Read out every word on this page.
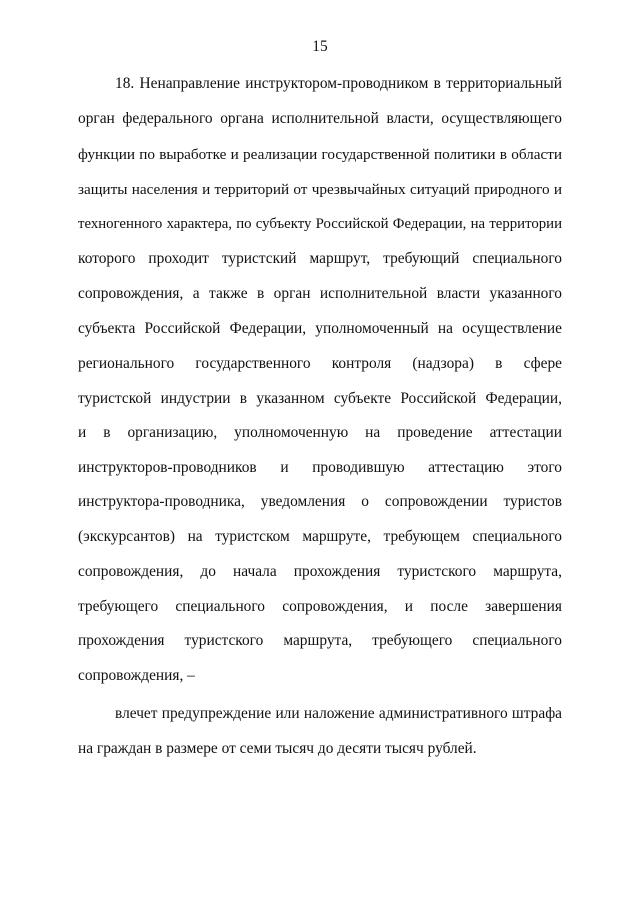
15
18. Ненаправление инструктором-проводником в территориальный
орган федерального органа исполнительной власти, осуществляющего
функции по выработке и реализации государственной политики в области
защиты населения и территорий от чрезвычайных ситуаций природного и
техногенного характера, по субъекту Российской Федерации, на территории
которого проходит туристский маршрут, требующий специального
сопровождения, а также в орган исполнительной власти указанного
субъекта Российской Федерации, уполномоченный на осуществление
регионального государственного контроля (надзора) в сфере
туристской индустрии в указанном субъекте Российской Федерации,
и в организацию, уполномоченную на проведение аттестации
инструкторов-проводников и проводившую аттестацию этого
инструктора-проводника, уведомления о сопровождении туристов
(экскурсантов) на туристском маршруте, требующем специального
сопровождения, до начала прохождения туристского маршрута,
требующего специального сопровождения, и после завершения
прохождения туристского маршрута, требующего специального
сопровождения, –
влечет предупреждение или наложение административного штрафа
на граждан в размере от семи тысяч до десяти тысяч рублей.
